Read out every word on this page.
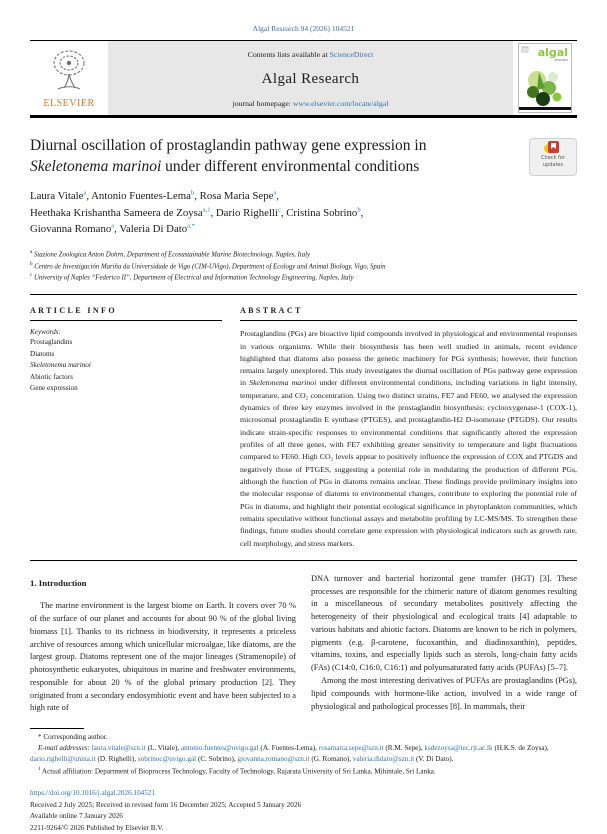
Algal Research 94 (2026) 104521

ELSEVIER
Contents lists available at ScienceDirect
Algal Research
journal homepage: www.elsevier.com/locate/algal
algal
RESEARCH
Diurnal oscillation of prostaglandin pathway gene expression in
Skeletonema marinoi under different environmental conditions	Check for
updates

Laura Vitale$^a$, Antonio Fuentes-Lema$^b$, Rosa Maria Sepe$^a$,
Heethaka Krishantha Sameera de Zoysa$^{a,1}$, Dario Righelli$^c$, Cristina Sobrino$^b$,
Giovanna Romano$^a$, Valeria Di Dato$^{a,*}$

$^a$ Stazione Zoologica Anton Dohrn, Department of Ecosustainable Marine Biotechnology, Naples, Italy
$^b$ Centro de Investigación Mariña da Universidade de Vigo (CIM-UVigo), Department of Ecology and Animal Biology, Vigo, Spain
$^c$ University of Naples “Federico II”, Department of Electrical and Information Technology Engineering, Naples, Italy
ARTICLE INFO
Keywords:
Prostaglandins
Diatoms
Skeletonema marinoi
Abiotic factors
Gene expression
ABSTRACT
Prostaglandins (PGs) are bioactive lipid compounds involved in physiological and environmental responses in various organisms. While their biosynthesis has been well studied in animals, recent evidence highlighted that diatoms also possess the genetic machinery for PGs synthesis; however, their function remains largely unexplored. This study investigates the diurnal oscillation of PGs pathway gene expression in Skeletonema marinoi under different environmental conditions, including variations in light intensity, temperature, and CO₂ concentration. Using two distinct strains, FE7 and FE60, we analysed the expression dynamics of three key enzymes involved in the prostaglandin biosynthesis: cyclooxygenase-1 (COX-1), microsomal prostaglandin E synthase (PTGES), and prostaglandin-H2 D-isomerase (PTGDS). Our results indicate strain-specific responses to environmental conditions that significantly altered the expression profiles of all three genes, with FE7 exhibiting greater sensitivity to temperature and light fluctuations compared to FE60. High CO₂ levels appear to positively influence the expression of COX and PTGDS and negatively those of PTGES, suggesting a potential role in modulating the production of different PGs, although the function of PGs in diatoms remains unclear. These findings provide preliminary insights into the molecular response of diatoms to environmental changes, contribute to exploring the potential role of PGs in diatoms, and highlight their potential ecological significance in phytoplankton communities, which remains speculative without functional assays and metabolite profiling by LC-MS/MS. To strengthen these findings, future studies should correlate gene expression with physiological indicators such as growth rate, cell morphology, and stress markers.
1. Introduction

The marine environment is the largest biome on Earth. It covers over 70 % of the surface of our planet and accounts for about 90 % of the global living biomass [1]. Thanks to its richness in biodiversity, it represents a priceless archive of resources among which unicellular microalgae, like diatoms, are the largest group. Diatoms represent one of the major lineages (Stramenopile) of photosynthetic eukaryotes, ubiquitous in marine and freshwater environments, responsible for about 20 % of the global primary production [2]. They originated from a secondary endosymbiotic event and have been subjected to a high rate of

DNA turnover and bacterial horizontal gene transfer (HGT) [3]. These processes are responsible for the chimeric nature of diatom genomes resulting in a miscellaneous of secondary metabolites positively affecting the heterogeneity of their physiological and ecological traits [4] adaptable to various habitats and abiotic factors. Diatoms are known to be rich in polymers, pigments (e.g. β-carotene, fucoxanthin, and diadinoxanthin), peptides, vitamins, toxins, and especially lipids such as sterols, long-chain fatty acids (FAs) (C14:0, C16:0, C16:1) and polyunsaturated fatty acids (PUFAs) [5–7].

Among the most interesting derivatives of PUFAs are prostaglandins (PGs), lipid compounds with hormone-like action, involved in a wide range of physiological and pathological processes [8]. In mammals, their

* Corresponding author.

E-mail addresses: laura.vitale@szn.it (L. Vitale), antonio.fuentes@uvigo.gal (A. Fuentes-Lema), rosamaria.sepe@szn.it (R.M. Sepe), ksdezoysa@tec.rjt.ac.lk (H.K.S. de Zoysa), dario.righelli@unina.it (D. Righelli), sobrinoc@uvigo.gal (C. Sobrino), giovanna.romano@szn.it (G. Romano), valeria.didato@szn.it (V. Di Dato).

$^1$ Actual affiliation: Department of Bioprocess Technology, Faculty of Technology, Rajarata University of Sri Lanka, Mihintale, Sri Lanka.

https://doi.org/10.1016/j.algal.2026.104521

Received 2 July 2025; Received in revised form 16 December 2025; Accepted 5 January 2026

Available online 7 January 2026

2211-9264/© 2026 Published by Elsevier B.V.
